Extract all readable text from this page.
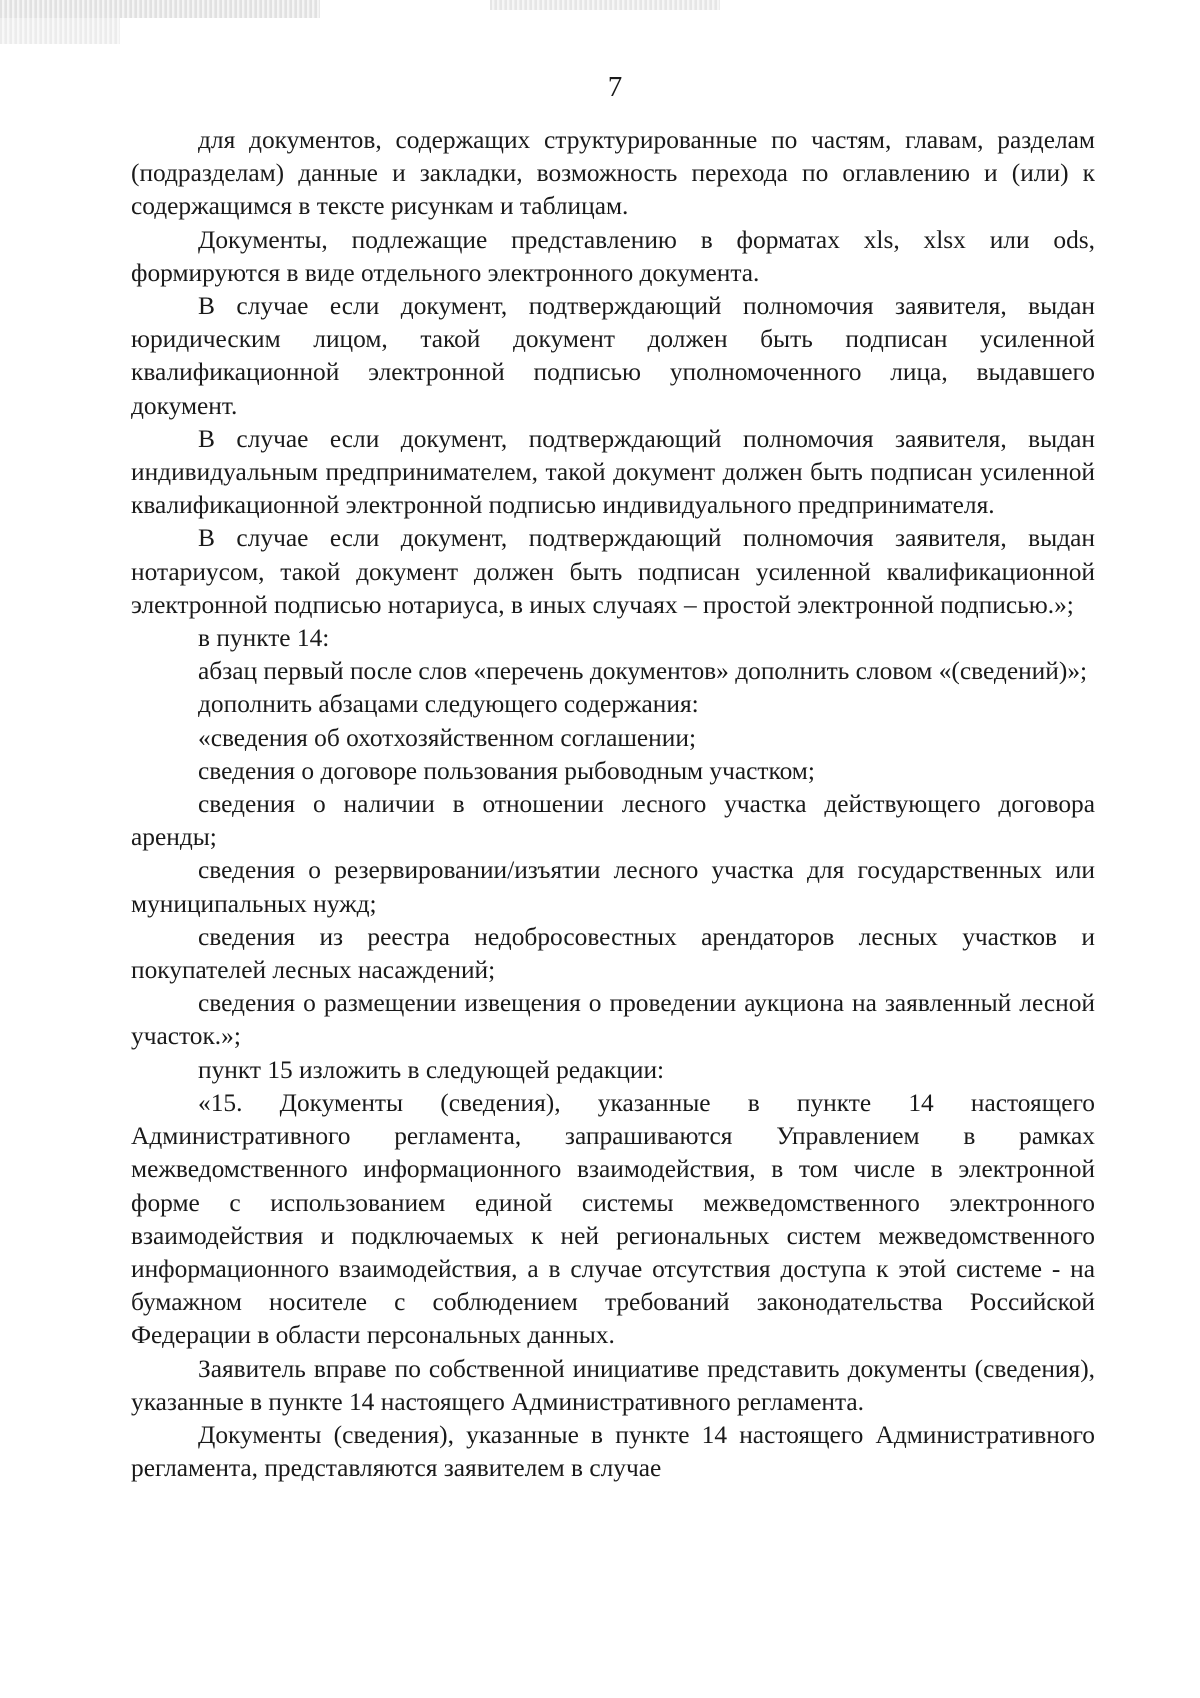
7

для документов, содержащих структурированные по частям, главам, разделам (подразделам) данные и закладки, возможность перехода по оглавлению и (или) к содержащимся в тексте рисункам и таблицам.

Документы, подлежащие представлению в форматах xls, xlsx или ods, формируются в виде отдельного электронного документа.

В случае если документ, подтверждающий полномочия заявителя, выдан юридическим лицом, такой документ должен быть подписан усиленной квалификационной электронной подписью уполномоченного лица, выдавшего документ.

В случае если документ, подтверждающий полномочия заявителя, выдан индивидуальным предпринимателем, такой документ должен быть подписан усиленной квалификационной электронной подписью индивидуального предпринимателя.

В случае если документ, подтверждающий полномочия заявителя, выдан нотариусом, такой документ должен быть подписан усиленной квалификационной электронной подписью нотариуса, в иных случаях – простой электронной подписью.»;

в пункте 14:

абзац первый после слов «перечень документов» дополнить словом «(сведений)»;

дополнить абзацами следующего содержания:

«сведения об охотхозяйственном соглашении;

сведения о договоре пользования рыбоводным участком;

сведения о наличии в отношении лесного участка действующего договора аренды;

сведения о резервировании/изъятии лесного участка для государственных или муниципальных нужд;

сведения из реестра недобросовестных арендаторов лесных участков и покупателей лесных насаждений;

сведения о размещении извещения о проведении аукциона на заявленный лесной участок.»;

пункт 15 изложить в следующей редакции:

«15. Документы (сведения), указанные в пункте 14 настоящего Административного регламента, запрашиваются Управлением в рамках межведомственного информационного взаимодействия, в том числе в электронной форме с использованием единой системы межведомственного электронного взаимодействия и подключаемых к ней региональных систем межведомственного информационного взаимодействия, а в случае отсутствия доступа к этой системе - на бумажном носителе с соблюдением требований законодательства Российской Федерации в области персональных данных.

Заявитель вправе по собственной инициативе представить документы (сведения), указанные в пункте 14 настоящего Административного регламента.

Документы (сведения), указанные в пункте 14 настоящего Административного регламента, представляются заявителем в случае
